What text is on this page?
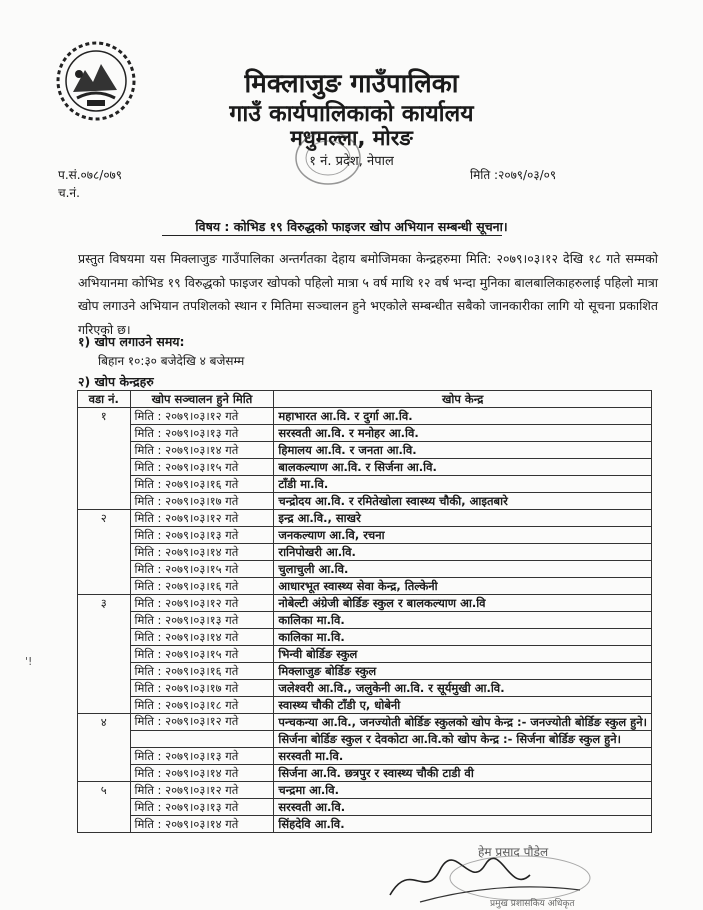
मिक्लाजुङ गाउँपालिका
गाउँ कार्यपालिकाको कार्यालय
मधुमल्ला, मोरङ
१ नं. प्रदेश, नेपाल
प.सं.०७८/०७९
च.नं.
मिति :२०७९/०३/०९
विषय : कोभिड १९ विरुद्धको फाइजर खोप अभियान सम्बन्धी सूचना।
प्रस्तुत विषयमा यस मिक्लाजुङ गाउँपालिका अन्तर्गतका देहाय बमोजिमका केन्द्रहरुमा मिति: २०७९।०३।१२ देखि १८ गते सम्मको अभियानमा कोभिड १९ विरुद्धको फाइजर खोपको पहिलो मात्रा ५ वर्ष माथि १२ वर्ष भन्दा मुनिका बालबालिकाहरुलाई पहिलो मात्रा खोप लगाउने अभियान तपशिलको स्थान र मितिमा सञ्चालन हुने भएकोले सम्बन्धीत सबैको जानकारीका लागि यो सूचना प्रकाशित गरिएको छ।
१) खोप लगाउने समय:
बिहान १०:३० बजेदेखि ४ बजेसम्म
२) खोप केन्द्रहरु
वडा नं.	खोप सञ्चालन हुने मिति	खोप केन्द्र
१	मिति : २०७९।०३।१२ गते	महाभारत आ.वि. र दुर्गा आ.वि.
	मिति : २०७९।०३।१३ गते	सरस्वती आ.वि. र मनोहर आ.वि.
	मिति : २०७९।०३।१४ गते	हिमालय आ.वि. र जनता आ.वि.
	मिति : २०७९।०३।१५ गते	बालकल्याण आ.वि. र सिर्जना आ.वि.
	मिति : २०७९।०३।१६ गते	टाँडी मा.वि.
	मिति : २०७९।०३।१७ गते	चन्द्रोदय आ.वि. र रमितेखोला स्वास्थ्य चौकी, आइतबारे
२	मिति : २०७९।०३।१२ गते	इन्द्र आ.वि., साखरे
	मिति : २०७९।०३।१३ गते	जनकल्याण आ.वि, रचना
	मिति : २०७९।०३।१४ गते	रानिपोखरी आ.वि.
	मिति : २०७९।०३।१५ गते	चुलाचुली आ.वि.
	मिति : २०७९।०३।१६ गते	आधारभूत स्वास्थ्य सेवा केन्द्र, तिल्केनी
३	मिति : २०७९।०३।१२ गते	नोबेल्टी अंग्रेजी बोर्डिङ स्कुल र बालकल्याण आ.वि
	मिति : २०७९।०३।१३ गते	कालिका मा.वि.
	मिति : २०७९।०३।१४ गते	कालिका मा.वि.
	मिति : २०७९।०३।१५ गते	भिन्वी बोर्डिङ स्कुल
	मिति : २०७९।०३।१६ गते	मिक्लाजुङ बोर्डिङ स्कुल
	मिति : २०७९।०३।१७ गते	जलेश्वरी आ.वि., जलुकेनी आ.वि. र सूर्यमुखी आ.वि.
	मिति : २०७९।०३।१८ गते	स्वास्थ्य चौकी टाँडी ए, धोबेनी
४	मिति : २०७९।०३।१२ गते	पन्चकन्या आ.वि., जनज्योती बोर्डिङ स्कुलको खोप केन्द्र :- जनज्योती बोर्डिङ स्कुल हुने।
		सिर्जना बोर्डिङ स्कुल र देवकोटा आ.वि.को खोप केन्द्र :- सिर्जना बोर्डिङ स्कुल हुने।
	मिति : २०७९।०३।१३ गते	सरस्वती मा.वि.
	मिति : २०७९।०३।१४ गते	सिर्जना आ.वि. छत्रपुर र स्वास्थ्य चौकी टाडी वी
५	मिति : २०७९।०३।१२ गते	चन्द्रमा आ.वि.
	मिति : २०७९।०३।१३ गते	सरस्वती आ.वि.
	मिति : २०७९।०३।१४ गते	सिंहदेवि आ.वि.
'!
हेम प्रसाद पौडेल
प्रमुख प्रशासकिय अधिकृत
